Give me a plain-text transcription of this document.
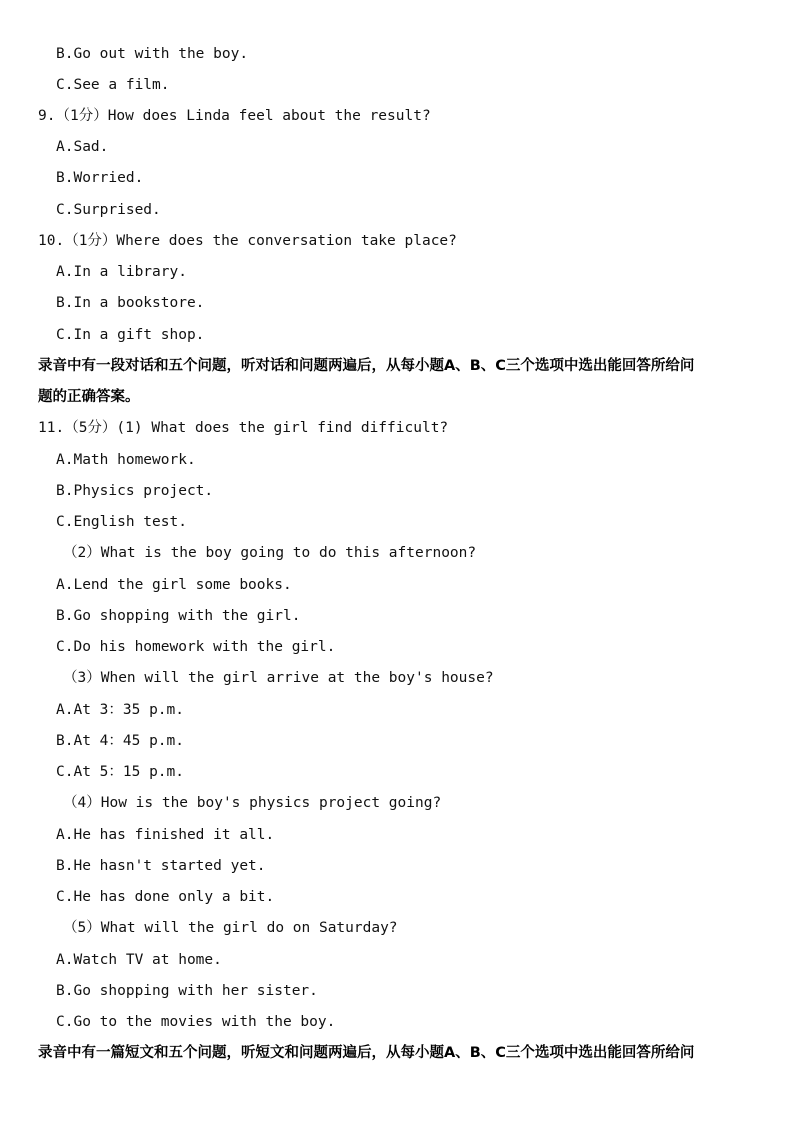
B.Go out with the boy.
C.See a film.
9.（1分）How does Linda feel about the result?
A.Sad.
B.Worried.
C.Surprised.
10.（1分）Where does the conversation take place?
A.In a library.
B.In a bookstore.
C.In a gift shop.
录音中有一段对话和五个问题，听对话和问题两遍后，从每小题A、B、C三个选项中选出能回答所给问
题的正确答案。
11.（5分）(1) What does the girl find difficult?
A.Math homework.
B.Physics project.
C.English test.
（2）What is the boy going to do this afternoon?
A.Lend the girl some books.
B.Go shopping with the girl.
C.Do his homework with the girl.
（3）When will the girl arrive at the boy's house?
A.At 3：35 p.m.
B.At 4：45 p.m.
C.At 5：15 p.m.
（4）How is the boy's physics project going?
A.He has finished it all.
B.He hasn't started yet.
C.He has done only a bit.
（5）What will the girl do on Saturday?
A.Watch TV at home.
B.Go shopping with her sister.
C.Go to the movies with the boy.
录音中有一篇短文和五个问题，听短文和问题两遍后，从每小题A、B、C三个选项中选出能回答所给问
